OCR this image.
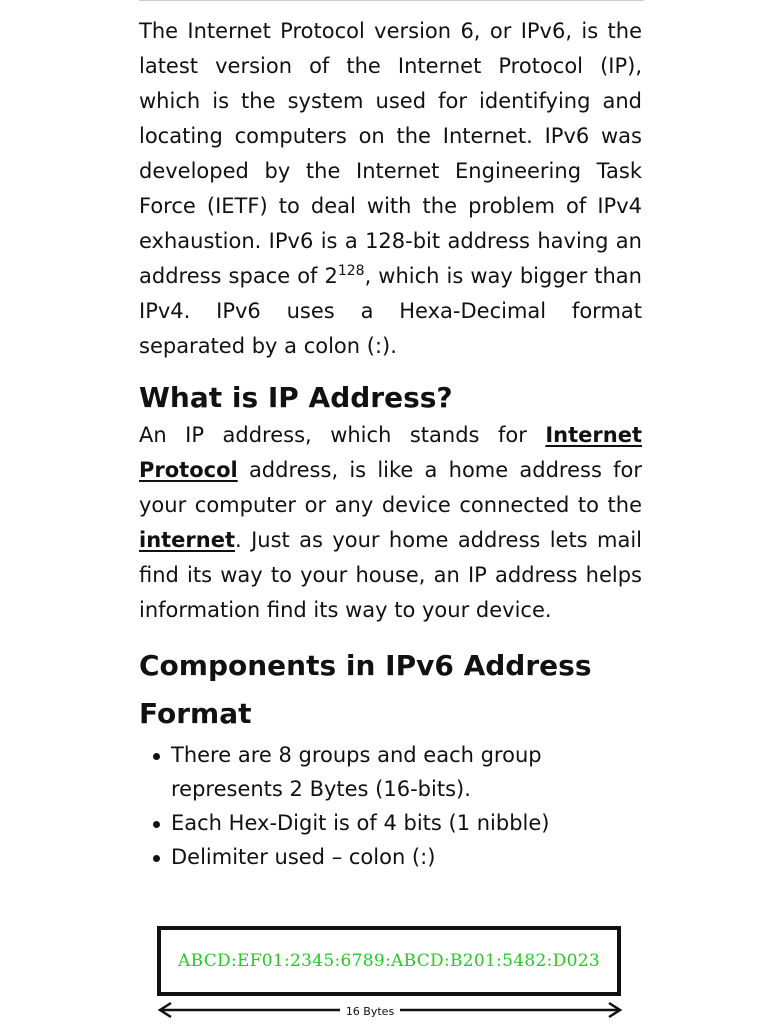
The Internet Protocol version 6, or IPv6, is the latest version of the Internet Protocol (IP), which is the system used for identifying and locating computers on the Internet. IPv6 was developed by the Internet Engineering Task Force (IETF) to deal with the problem of IPv4 exhaustion. IPv6 is a 128-bit address having an address space of $2^{128}$, which is way bigger than IPv4. IPv6 uses a Hexa-Decimal format separated by a colon (:).

What is IP Address?

An IP address, which stands for Internet Protocol address, is like a home address for your computer or any device connected to the internet. Just as your home address lets mail find its way to your house, an IP address helps information find its way to your device.

Components in IPv6 Address Format
There are 8 groups and each group represents 2 Bytes (16-bits).
Each Hex-Digit is of 4 bits (1 nibble)
Delimiter used – colon (:)
ABCD:EF01:2345:6789:ABCD:B201:5482:D023
16 Bytes
